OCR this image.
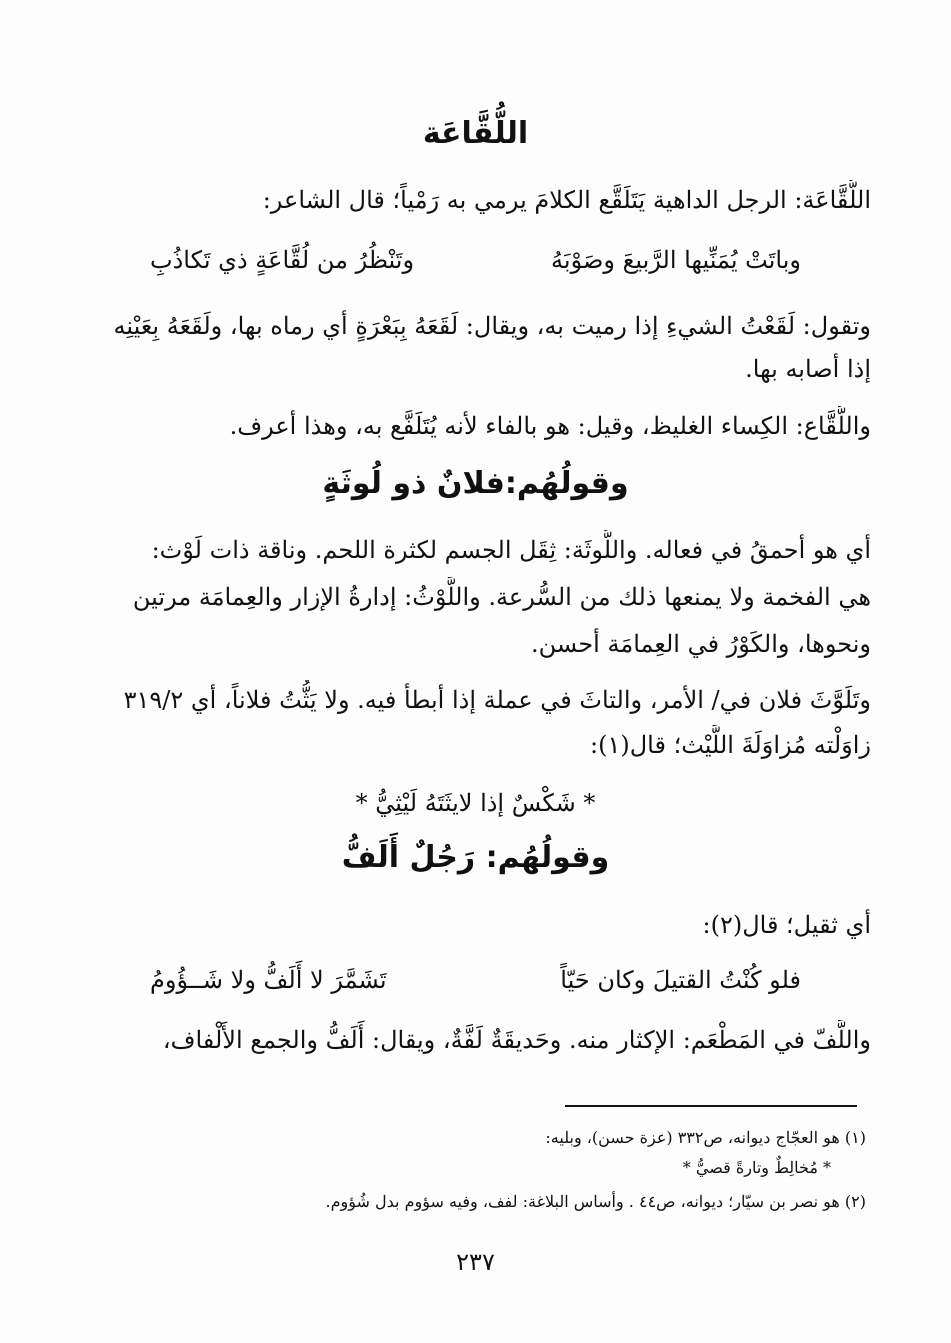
اللُّقَّاعَة
اللُّقَّاعَة: الرجل الداهية يَتَلَقَّع الكلامَ يرمي به رَمْياً؛ قال الشاعر:
وباتَتْ يُمَنِّيها الرَّبيعَ وصَوْبَهُ
وتَنْظُرُ من لُقَّاعَةٍ ذي تَكاذُبِ
وتقول: لَقَعْتُ الشيءِ إذا رميت به، ويقال: لَقَعَهُ بِبَعْرَةٍ أي رماه بها، ولَقَعَهُ بِعَيْنِه
إذا أصابه بها.
واللُّقَّاع: الكِساء الغليظ، وقيل: هو بالفاء لأنه يُتَلَفَّع به، وهذا أعرف.
وقولُهُم:فلانٌ ذو لُوثَةٍ
أي هو أحمقُ في فعاله. واللُّوثَة: ثِقَل الجسم لكثرة اللحم. وناقة ذات لَوْث:
هي الفخمة ولا يمنعها ذلك من السُّرعة. واللَّوْثُ: إدارةُ الإزار والعِمامَة مرتين
ونحوها، والكَوْرُ في العِمامَة أحسن.
وتَلَوَّثَ فلان في/ الأمر، والتاثَ في عملة إذا أبطأ فيه. ولا يَثُّتُ فلاناً، أي ٣١٩/٢
زاوَلْته مُزاوَلَةَ اللَّيْث؛ قال(١):
* شَكْسٌ إذا لايثَتَهُ لَيْثِيُّ *
وقولُهُم: رَجُلٌ أَلَفُّ
أي ثقيل؛ قال(٢):
فلو كُنْتُ القتيلَ وكان حَيّاً
تَشَمَّرَ لا أَلَفُّ ولا شَــؤُومُ
واللَّفّ في المَطْعَم: الإكثار منه. وحَديقَةٌ لَفَّةٌ، ويقال: أَلَفُّ والجمع الأَلْفاف،
(١) هو العجّاج ديوانه، ص٣٣٢ (عزة حسن)، وبليه:
* مُخالِطٌ وتارةً قصيُّ *
(٢) هو نصر بن سيّار؛ ديوانه، ص٤٤ . وأساس البلاغة: لفف، وفيه سؤوم بدل شُؤوم.
٢٣٧
